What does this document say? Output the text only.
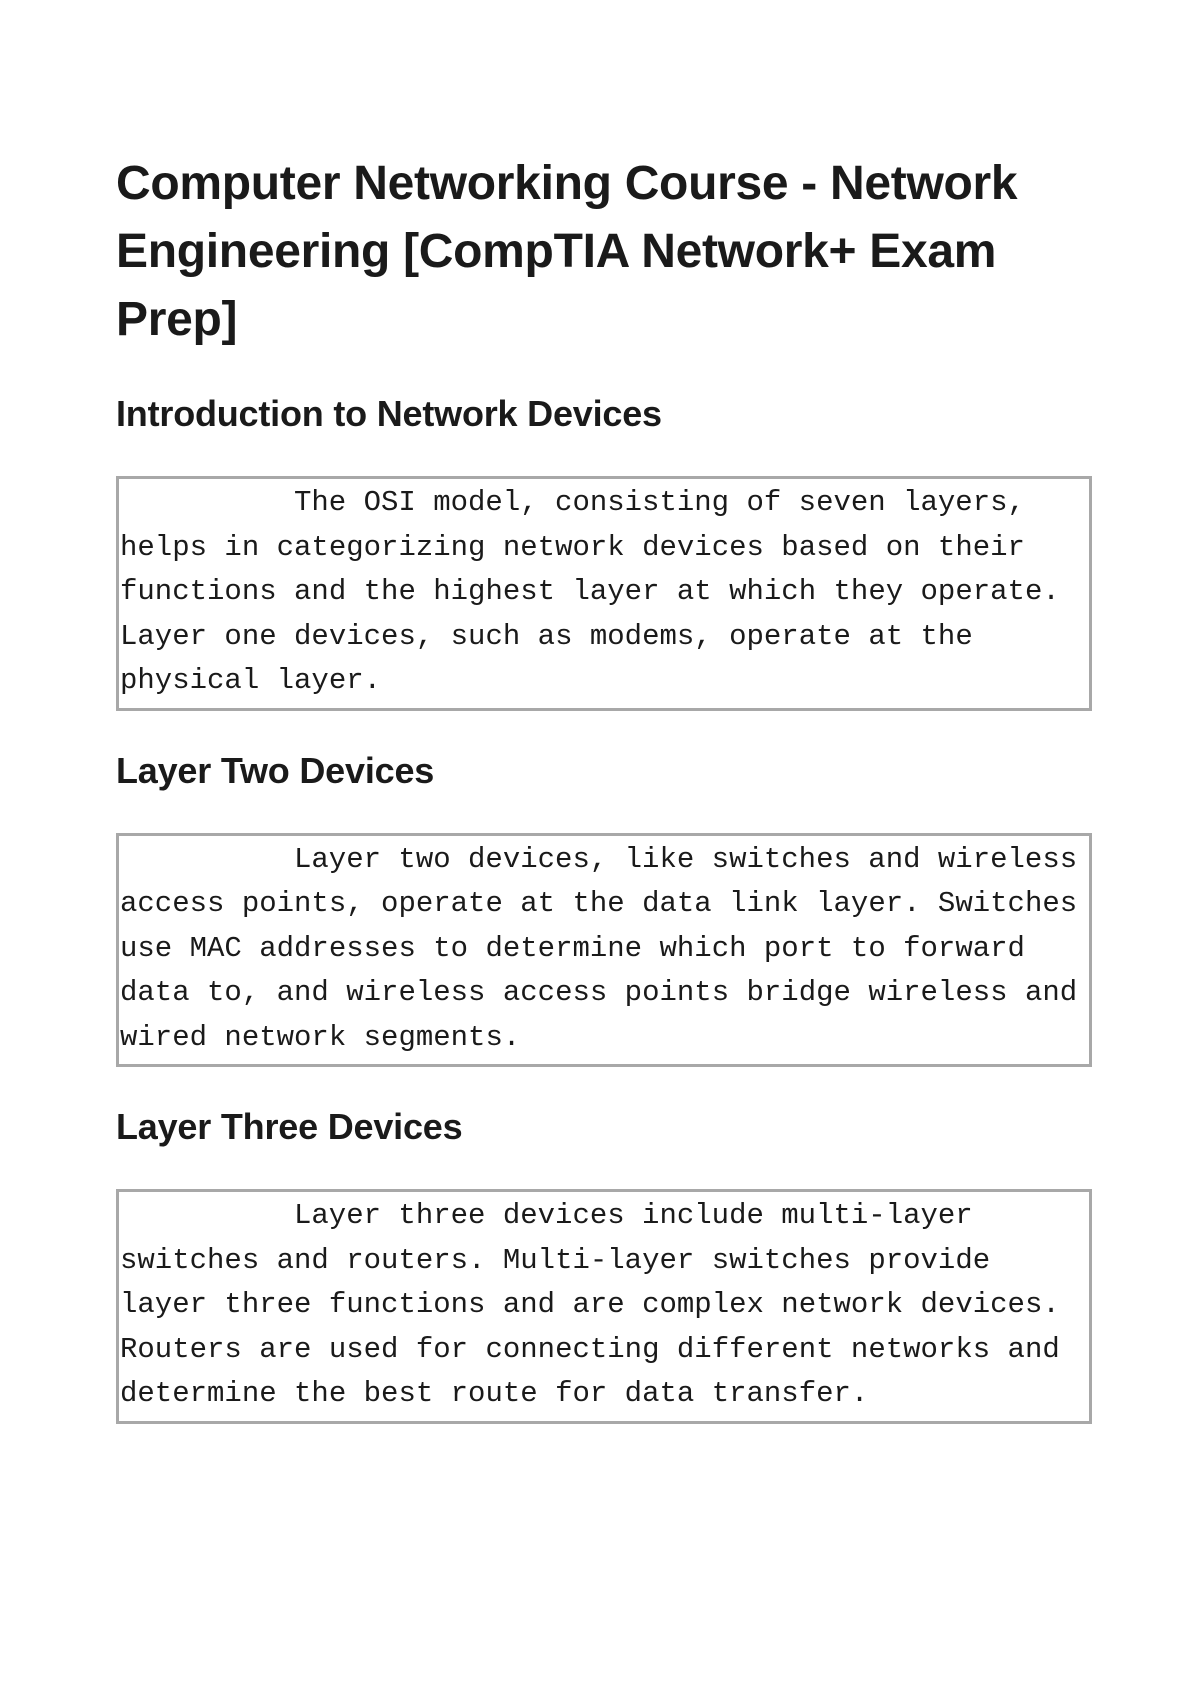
Computer Networking Course - Network Engineering [CompTIA Network+ Exam Prep]
Introduction to Network Devices

The OSI model, consisting of seven layers, helps in categorizing network devices based on their functions and the highest layer at which they operate. Layer one devices, such as modems, operate at the physical layer.

Layer Two Devices

Layer two devices, like switches and wireless access points, operate at the data link layer. Switches use MAC addresses to determine which port to forward data to, and wireless access points bridge wireless and wired network segments.

Layer Three Devices

Layer three devices include multi-layer switches and routers. Multi-layer switches provide layer three functions and are complex network devices. Routers are used for connecting different networks and determine the best route for data transfer.
